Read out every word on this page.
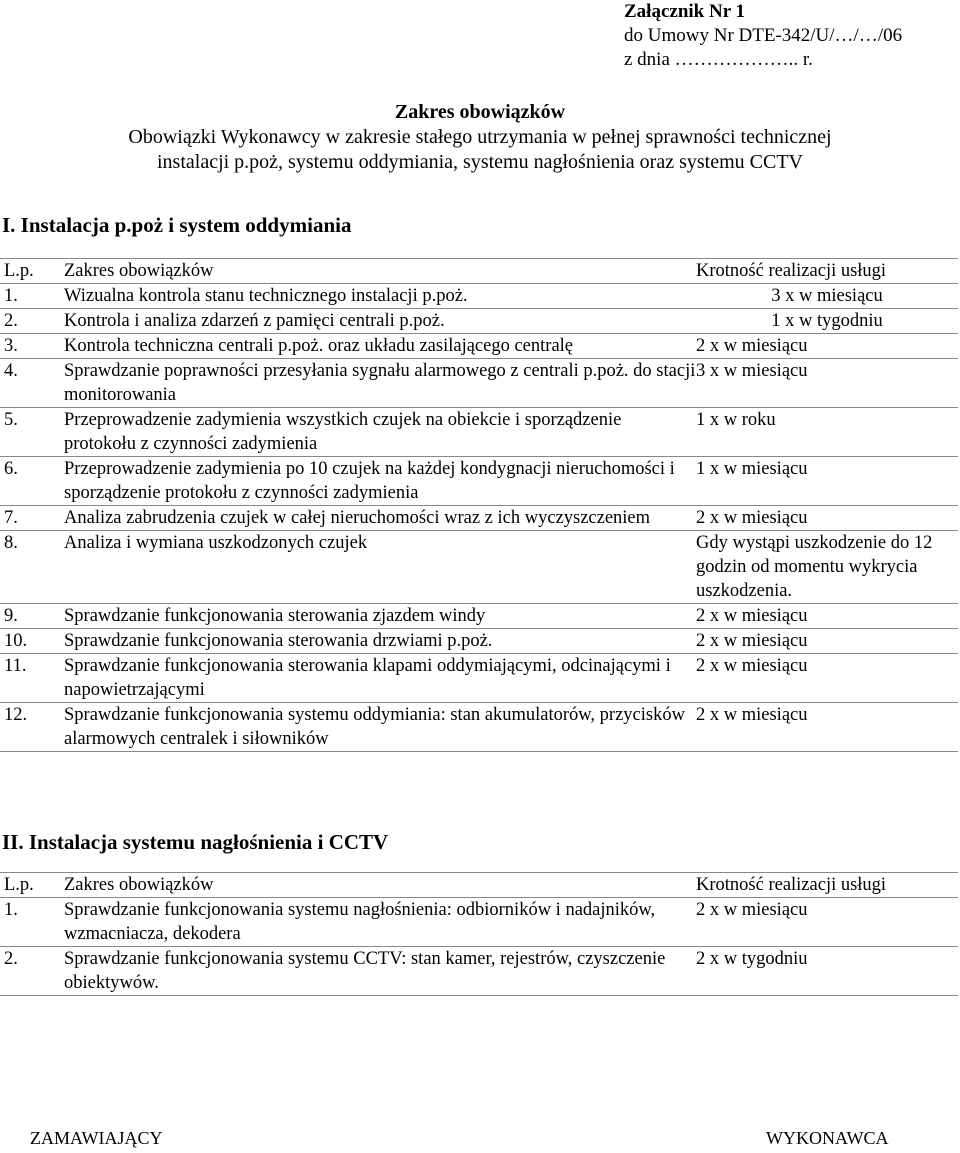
Załącznik Nr 1
do Umowy Nr DTE-342/U/…/…/06
z dnia ……………….. r.
Zakres obowiązków
Obowiązki Wykonawcy w zakresie stałego utrzymania w pełnej sprawności technicznej
instalacji p.poż, systemu oddymiania, systemu nagłośnienia oraz systemu CCTV
I. Instalacja p.poż i system oddymiania
L.p.	Zakres obowiązków	Krotność realizacji usługi
1.	Wizualna kontrola stanu technicznego instalacji p.poż.	3 x w miesiącu
2.	Kontrola i analiza zdarzeń z pamięci centrali p.poż.	1 x w tygodniu
3.	Kontrola techniczna centrali p.poż. oraz układu zasilającego centralę	2 x w miesiącu
4.	Sprawdzanie poprawności przesyłania sygnału alarmowego z centrali p.poż. do stacji monitorowania	3 x w miesiącu
5.	Przeprowadzenie zadymienia wszystkich czujek na obiekcie i sporządzenie protokołu z czynności zadymienia	1 x w roku
6.	Przeprowadzenie zadymienia po 10 czujek na każdej kondygnacji nieruchomości i sporządzenie protokołu z czynności zadymienia	1 x w miesiącu
7.	Analiza zabrudzenia czujek w całej nieruchomości wraz z ich wyczyszczeniem	2 x w miesiącu
8.	Analiza i wymiana uszkodzonych czujek	Gdy wystąpi uszkodzenie do 12 godzin od momentu wykrycia uszkodzenia.
9.	Sprawdzanie funkcjonowania sterowania zjazdem windy	2 x w miesiącu
10.	Sprawdzanie funkcjonowania sterowania drzwiami p.poż.	2 x w miesiącu
11.	Sprawdzanie funkcjonowania sterowania klapami oddymiającymi, odcinającymi i napowietrzającymi	2 x w miesiącu
12.	Sprawdzanie funkcjonowania systemu oddymiania: stan akumulatorów, przycisków alarmowych centralek i siłowników	2 x w miesiącu
II. Instalacja systemu nagłośnienia i CCTV
L.p.	Zakres obowiązków	Krotność realizacji usługi
1.	Sprawdzanie funkcjonowania systemu nagłośnienia: odbiorników i nadajników, wzmacniacza, dekodera	2 x w miesiącu
2.	Sprawdzanie funkcjonowania systemu CCTV: stan kamer, rejestrów, czyszczenie obiektywów.	2 x w tygodniu
ZAMAWIAJĄCY	WYKONAWCA
